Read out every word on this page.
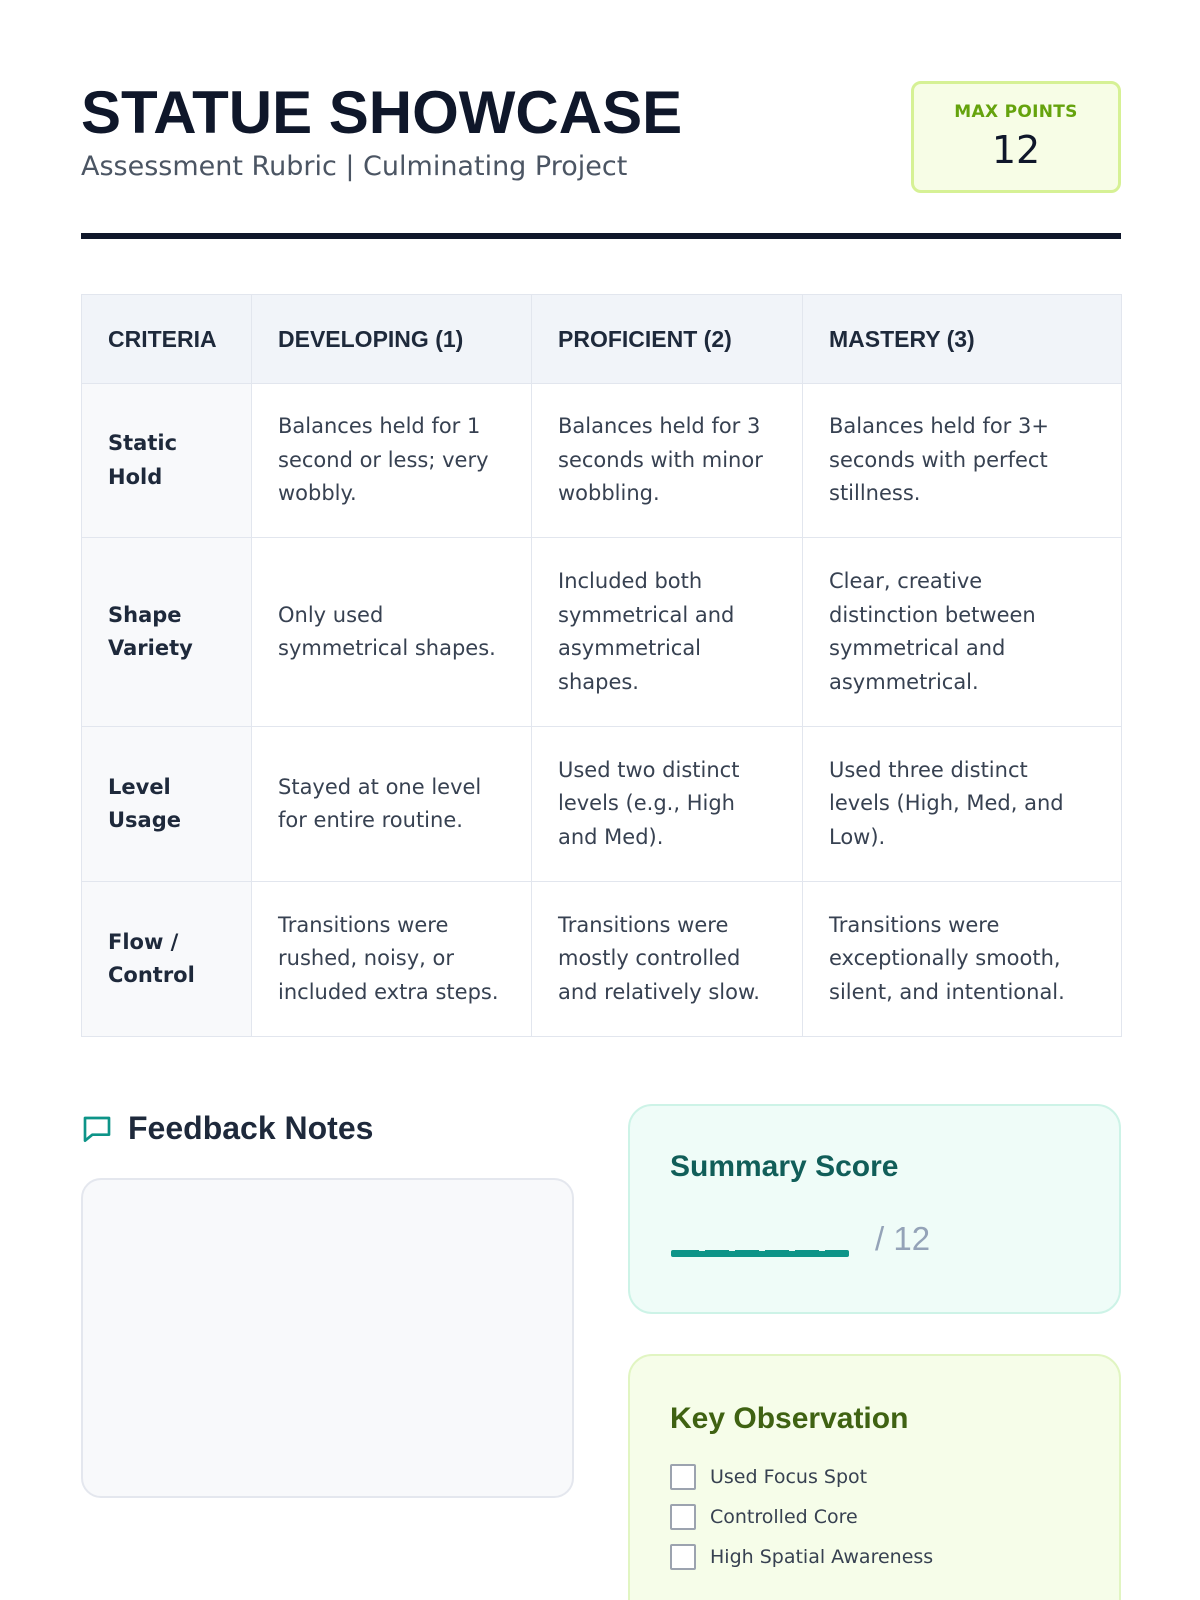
STATUE SHOWCASE
Assessment Rubric | Culminating Project
MAX POINTS
12
CRITERIA	DEVELOPING (1)	PROFICIENT (2)	MASTERY (3)

Static Hold	Balances held for 1 second or less; very wobbly.	Balances held for 3 seconds with minor wobbling.	Balances held for 3+ seconds with perfect stillness.

Shape Variety	Only used symmetrical shapes.	Included both symmetrical and asymmetrical shapes.	Clear, creative distinction between symmetrical and asymmetrical.

Level Usage	Stayed at one level for entire routine.	Used two distinct levels (e.g., High and Med).	Used three distinct levels (High, Med, and Low).

Flow / Control	Transitions were rushed, noisy, or included extra steps.	Transitions were mostly controlled and relatively slow.	Transitions were exceptionally smooth, silent, and intentional.
Feedback Notes
Summary Score
/ 12
Key Observation
Used Focus Spot
Controlled Core
High Spatial Awareness
